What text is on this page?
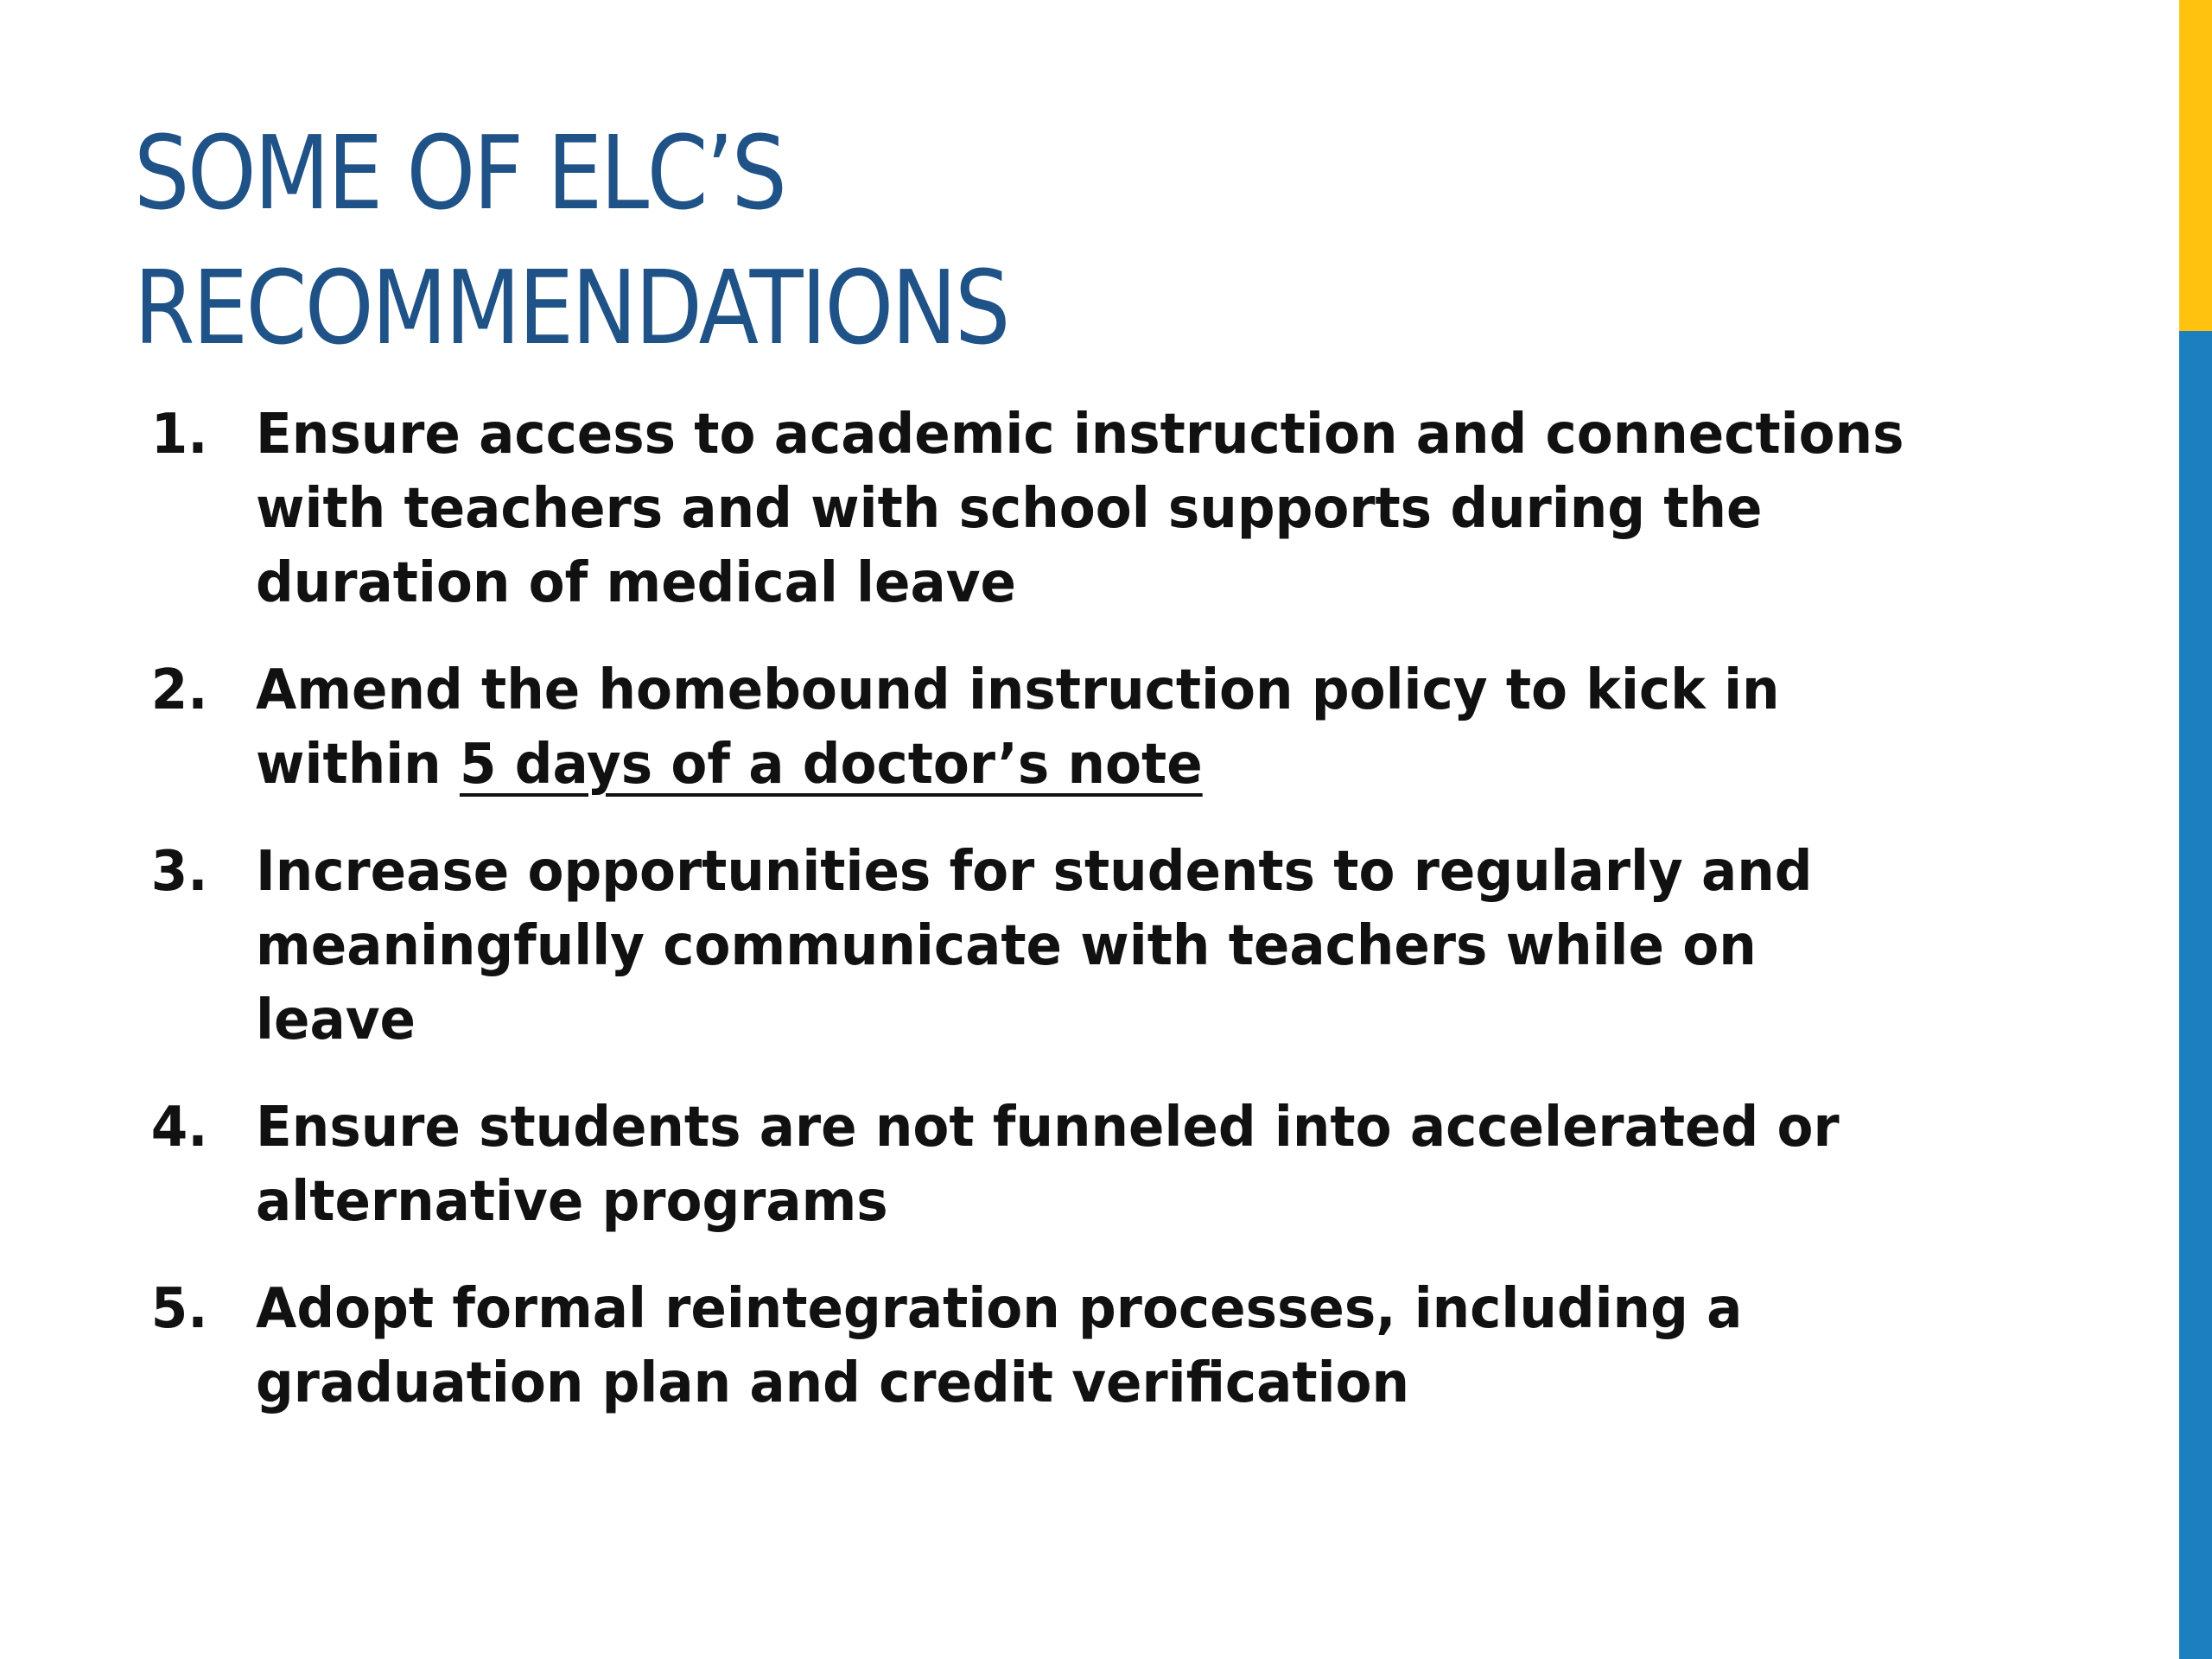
SOME OF ELC’S
RECOMMENDATIONS
1. Ensure access to academic instruction and connections with teachers and with school supports during the duration of medical leave
2. Amend the homebound instruction policy to kick in within 5 days of a doctor’s note
3. Increase opportunities for students to regularly and meaningfully communicate with teachers while on leave
4. Ensure students are not funneled into accelerated or alternative programs
5. Adopt formal reintegration processes, including a graduation plan and credit verification
